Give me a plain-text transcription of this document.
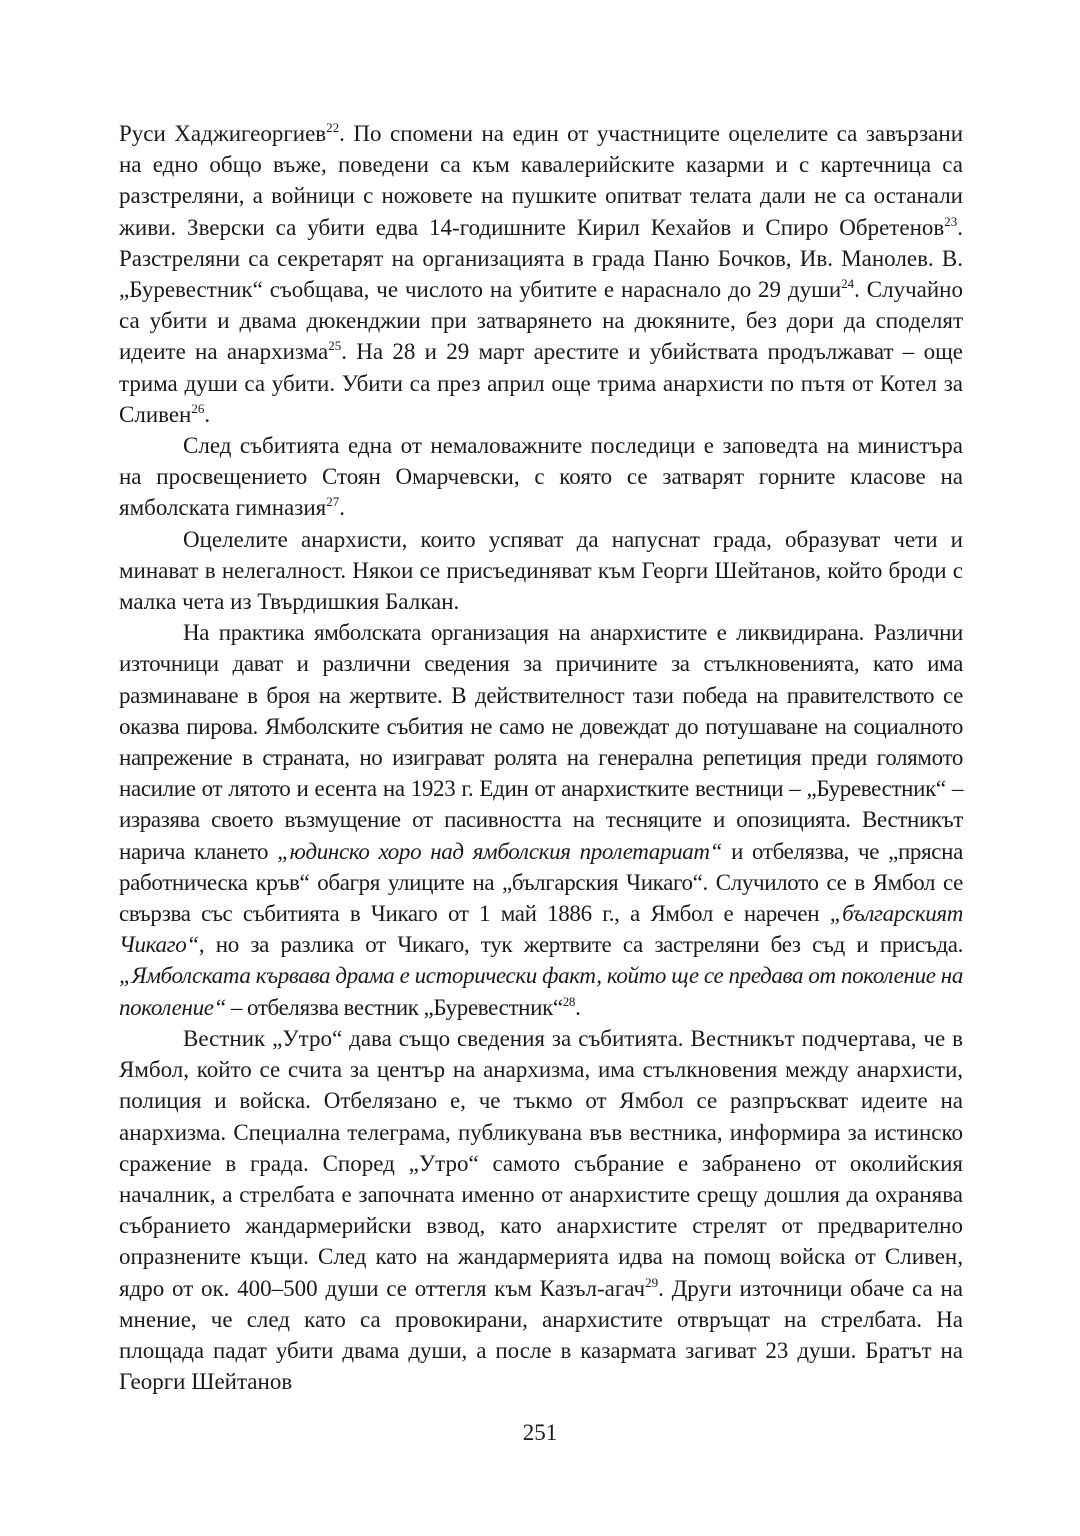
Руси Хаджигеоргиев$^{22}$. По спомени на един от участниците оцелелите са завързани на едно общо въже, поведени са към кавалерийските казарми и с картечница са разстреляни, а войници с ножовете на пушките опитват телата дали не са останали живи. Зверски са убити едва 14-годишните Кирил Кехайов и Спиро Обретенов$^{23}$. Разстреляни са секретарят на организацията в града Паню Бочков, Ив. Манолев. В. „Буревестник“ съобщава, че числото на убитите е нараснало до 29 души$^{24}$. Случайно са убити и двама дюкенджии при затварянето на дюкяните, без дори да споделят идеите на анархизма$^{25}$. На 28 и 29 март арестите и убийствата продължават – още трима души са убити. Убити са през април още трима анархисти по пътя от Котел за Сливен$^{26}$.

След събитията една от немаловажните последици е заповедта на министъра на просвещението Стоян Омарчевски, с която се затварят горните класове на ямболската гимназия$^{27}$.

Оцелелите анархисти, които успяват да напуснат града, образуват чети и минават в нелегалност. Някои се присъединяват към Георги Шейтанов, който броди с малка чета из Твърдишкия Балкан.

На практика ямболската организация на анархистите е ликвидирана. Различни източници дават и различни сведения за причините за стълкновенията, като има разминаване в броя на жертвите. В действителност тази победа на правителството се оказва пирова. Ямболските събития не само не довеждат до потушаване на социалното напрежение в страната, но изиграват ролята на генерална репетиция преди голямото насилие от лятото и есента на 1923 г. Един от анархистките вестници – „Буревестник“ – изразява своето възмущение от пасивността на тесняците и опозицията. Вестникът нарича клането „юдинско хоро над ямболския пролетариат“ и отбелязва, че „прясна работническа кръв“ обагря улиците на „българския Чикаго“. Случилото се в Ямбол се свързва със събитията в Чикаго от 1 май 1886 г., а Ямбол е наречен „българският Чикаго“, но за разлика от Чикаго, тук жертвите са застреляни без съд и присъда. „Ямболската кървава драма е исторически факт, който ще се предава от поколение на поколение“ – отбелязва вестник „Буревестник“$^{28}$.

Вестник „Утро“ дава също сведения за събитията. Вестникът подчертава, че в Ямбол, който се счита за център на анархизма, има стълкновения между анархисти, полиция и войска. Отбелязано е, че тъкмо от Ямбол се разпръскват идеите на анархизма. Специална телеграма, публикувана във вестника, информира за истинско сражение в града. Според „Утро“ самото събрание е забранено от околийския началник, а стрелбата е започната именно от анархистите срещу дошлия да охранява събранието жандармерийски взвод, като анархистите стрелят от предварително опразнените къщи. След като на жандармерията идва на помощ войска от Сливен, ядро от ок. 400–500 души се оттегля към Казъл-агач$^{29}$. Други източници обаче са на мнение, че след като са провокирани, анархистите отвръщат на стрелбата. На площада падат убити двама души, а после в казармата загиват 23 души. Братът на Георги Шейтанов

251
